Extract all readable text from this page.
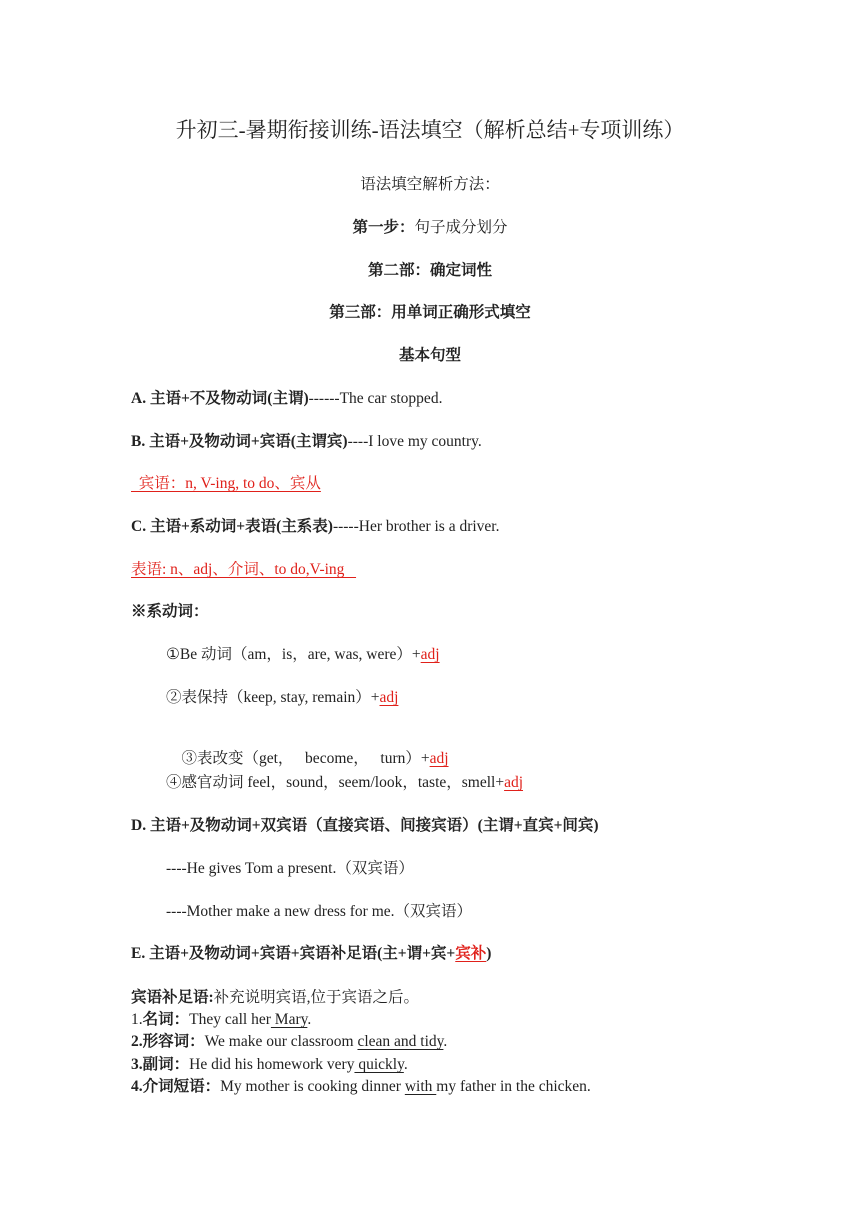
升初三-暑期衔接训练-语法填空（解析总结+专项训练）
语法填空解析方法：
第一步：句子成分划分
第二部：确定词性
第三部：用单词正确形式填空
基本句型
A. 主语+不及物动词(主谓)------The car stopped.
B. 主语+及物动词+宾语(主谓宾)----I love my country.
宾语：n, V-ing, to do、宾从
C. 主语+系动词+表语(主系表)-----Her brother is a driver.
表语: n、adj、介词、to do,V-ing
※系动词：
①Be 动词（am，is，are, was, were）+adj
②表保持（keep, stay, remain）+adj

③表改变（get，   become，   turn）+adj

④感官动词 feel，sound，seem/look，taste，smell+adj
D. 主语+及物动词+双宾语（直接宾语、间接宾语）(主谓+直宾+间宾)
----He gives Tom a present.（双宾语）
----Mother make a new dress for me.（双宾语）
E. 主语+及物动词+宾语+宾语补足语(主+谓+宾+宾补)
宾语补足语:补充说明宾语,位于宾语之后。
1.名词：They call her Mary.
2.形容词：We make our classroom clean and tidy.
3.副词：He did his homework very quickly.
4.介词短语：My mother is cooking dinner with my father in the chicken.
